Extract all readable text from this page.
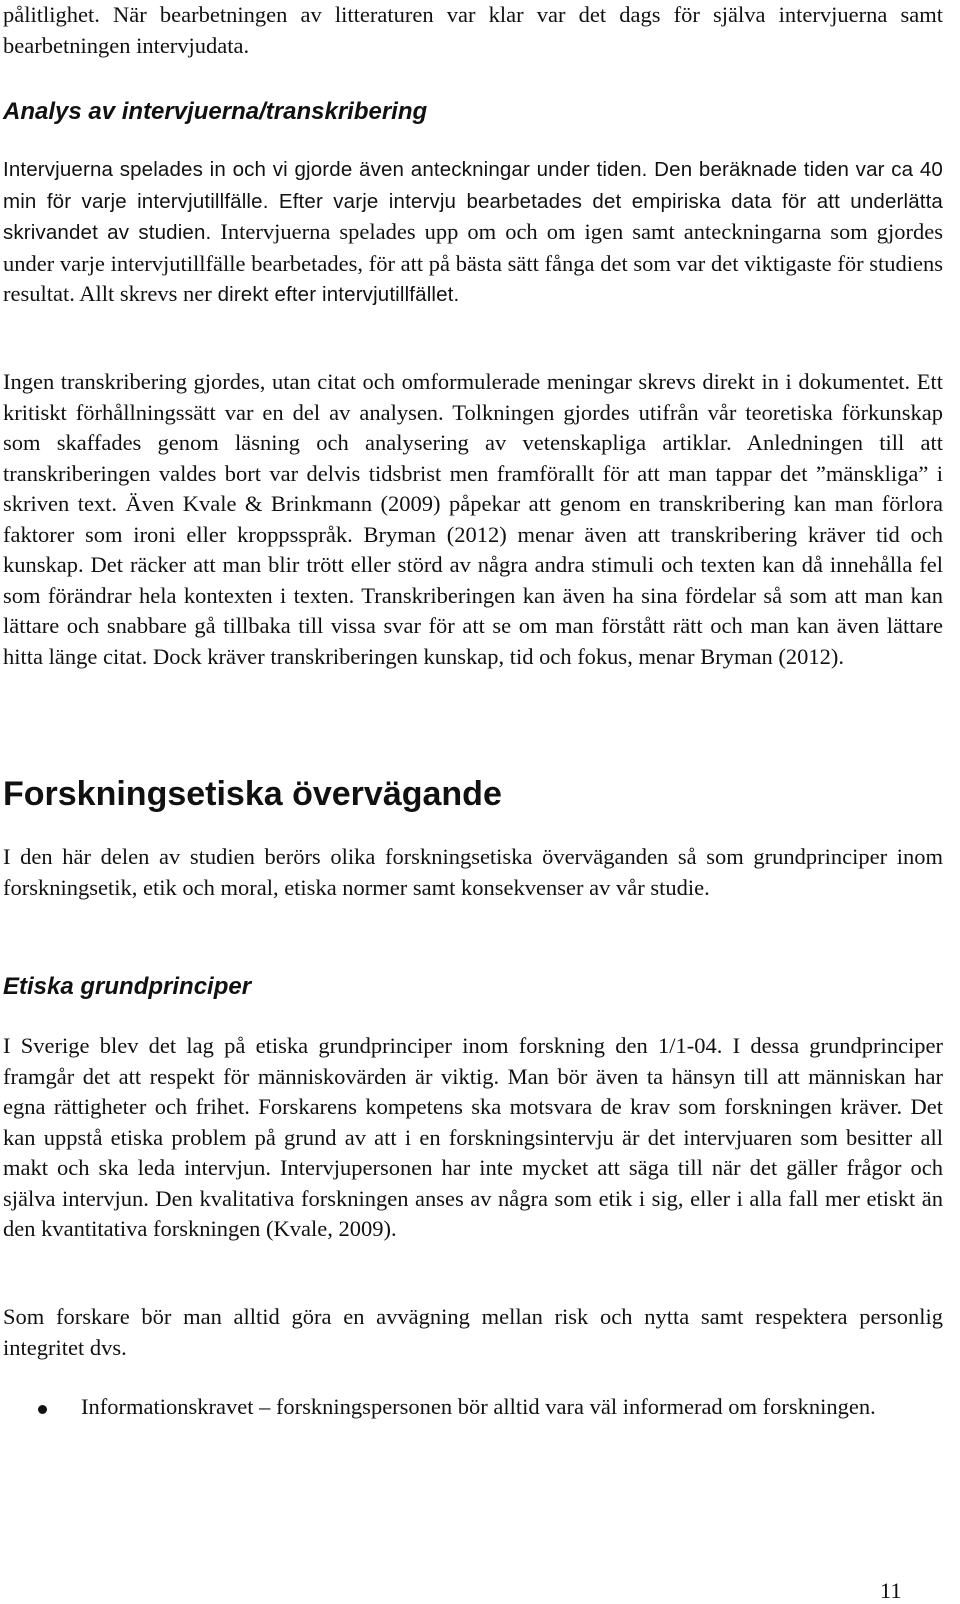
pålitlighet. När bearbetningen av litteraturen var klar var det dags för själva intervjuerna samt bearbetningen intervjudata.

Analys av intervjuerna/transkribering

Intervjuerna spelades in och vi gjorde även anteckningar under tiden. Den beräknade tiden var ca 40 min för varje intervjutillfälle. Efter varje intervju bearbetades det empiriska data för att underlätta skrivandet av studien. Intervjuerna spelades upp om och om igen samt anteckningarna som gjordes under varje intervjutillfälle bearbetades, för att på bästa sätt fånga det som var det viktigaste för studiens resultat. Allt skrevs ner direkt efter intervjutillfället.

Ingen transkribering gjordes, utan citat och omformulerade meningar skrevs direkt in i dokumentet. Ett kritiskt förhållningssätt var en del av analysen. Tolkningen gjordes utifrån vår teoretiska förkunskap som skaffades genom läsning och analysering av vetenskapliga artiklar. Anledningen till att transkriberingen valdes bort var delvis tidsbrist men framförallt för att man tappar det ”mänskliga” i skriven text. Även Kvale & Brinkmann (2009) påpekar att genom en transkribering kan man förlora faktorer som ironi eller kroppsspråk. Bryman (2012) menar även att transkribering kräver tid och kunskap. Det räcker att man blir trött eller störd av några andra stimuli och texten kan då innehålla fel som förändrar hela kontexten i texten. Transkriberingen kan även ha sina fördelar så som att man kan lättare och snabbare gå tillbaka till vissa svar för att se om man förstått rätt och man kan även lättare hitta länge citat. Dock kräver transkriberingen kunskap, tid och fokus, menar Bryman (2012).

Forskningsetiska övervägande

I den här delen av studien berörs olika forskningsetiska överväganden så som grundprinciper inom forskningsetik, etik och moral, etiska normer samt konsekvenser av vår studie.

Etiska grundprinciper

I Sverige blev det lag på etiska grundprinciper inom forskning den 1/1-04. I dessa grundprinciper framgår det att respekt för människovärden är viktig. Man bör även ta hänsyn till att människan har egna rättigheter och frihet. Forskarens kompetens ska motsvara de krav som forskningen kräver. Det kan uppstå etiska problem på grund av att i en forskningsintervju är det intervjuaren som besitter all makt och ska leda intervjun. Intervjupersonen har inte mycket att säga till när det gäller frågor och själva intervjun. Den kvalitativa forskningen anses av några som etik i sig, eller i alla fall mer etiskt än den kvantitativa forskningen (Kvale, 2009).

Som forskare bör man alltid göra en avvägning mellan risk och nytta samt respektera personlig integritet dvs.

Informationskravet – forskningspersonen bör alltid vara väl informerad om forskningen.

11
